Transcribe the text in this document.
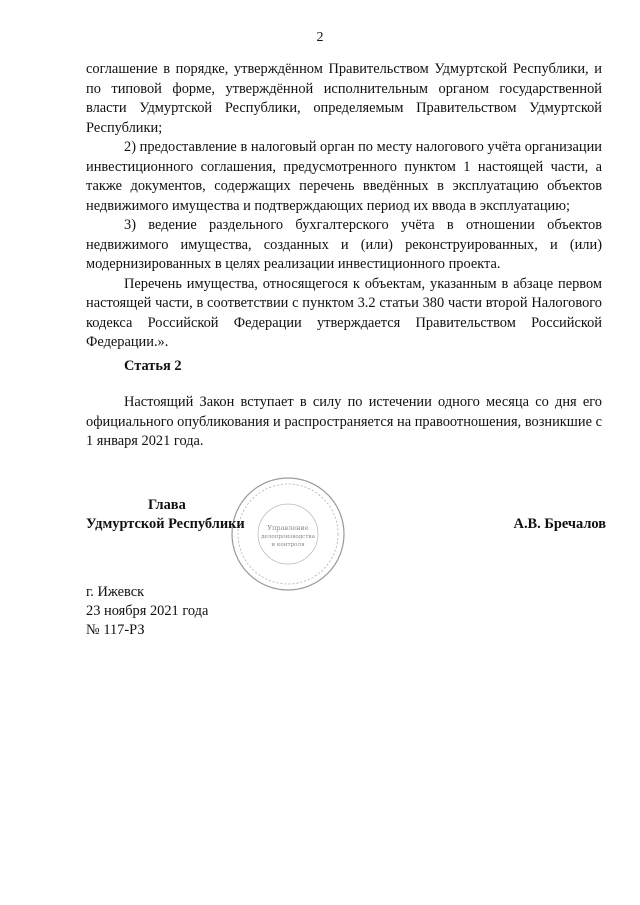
2

соглашение в порядке, утверждённом Правительством Удмуртской Республики, и по типовой форме, утверждённой исполнительным органом государственной власти Удмуртской Республики, определяемым Правительством Удмуртской Республики;

2) предоставление в налоговый орган по месту налогового учёта организации инвестиционного соглашения, предусмотренного пунктом 1 настоящей части, а также документов, содержащих перечень введённых в эксплуатацию объектов недвижимого имущества и подтверждающих период их ввода в эксплуатацию;

3) ведение раздельного бухгалтерского учёта в отношении объектов недвижимого имущества, созданных и (или) реконструированных, и (или) модернизированных в целях реализации инвестиционного проекта.

Перечень имущества, относящегося к объектам, указанным в абзаце первом настоящей части, в соответствии с пунктом 3.2 статьи 380 части второй Налогового кодекса Российской Федерации утверждается Правительством Российской Федерации.».

Статья 2
Настоящий Закон вступает в силу по истечении одного месяца со дня его официального опубликования и распространяется на правоотношения, возникшие с 1 января 2021 года.
Управление
делопроизводства
и контроля
Глава
Удмуртской Республики	А.В. Бречалов
г. Ижевск
23 ноября 2021 года
№ 117-РЗ
